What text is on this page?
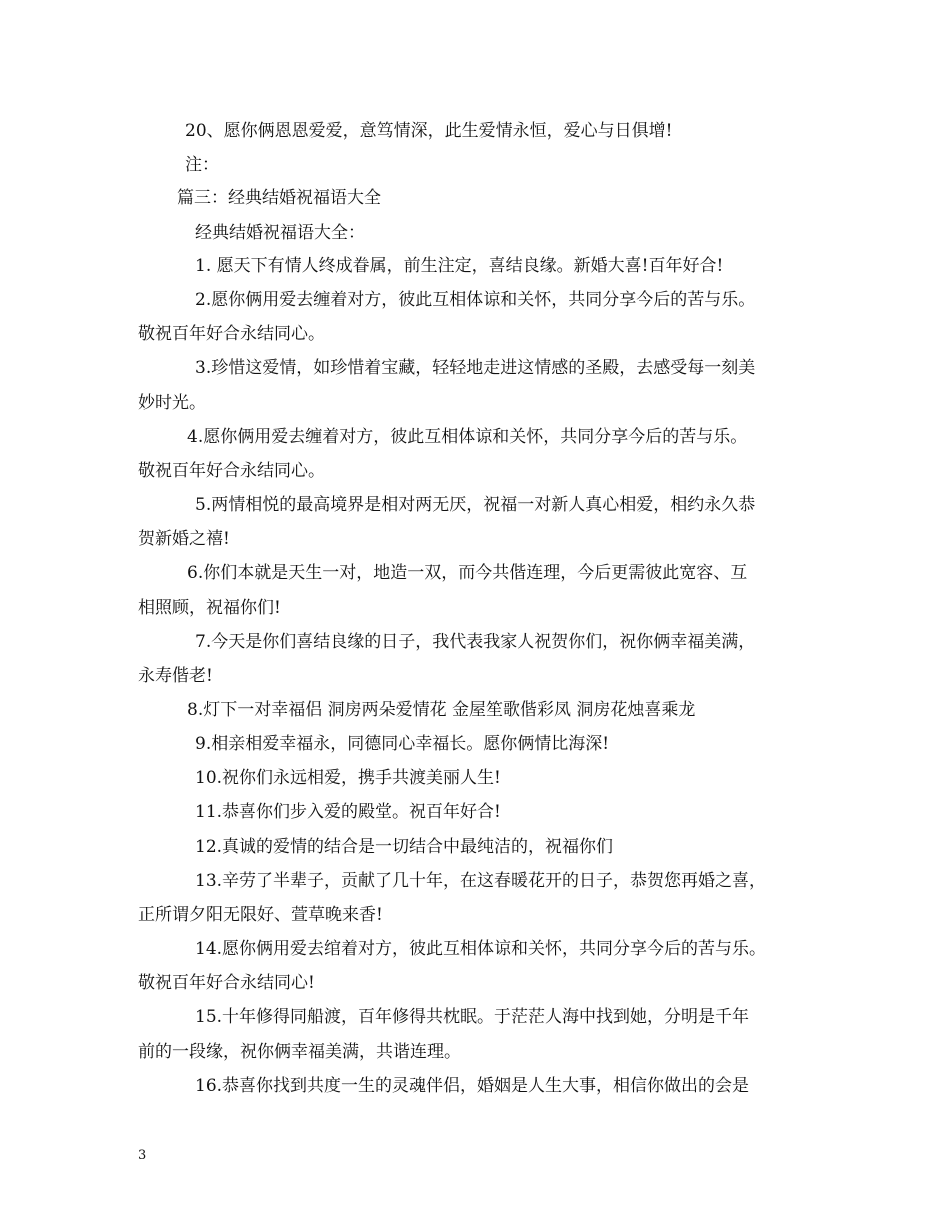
20、愿你俩恩恩爱爱，意笃情深，此生爱情永恒，爱心与日俱增!
注：
篇三：经典结婚祝福语大全
经典结婚祝福语大全：
1. 愿天下有情人终成眷属，前生注定，喜结良缘。新婚大喜!百年好合!
2.愿你俩用爱去缠着对方，彼此互相体谅和关怀，共同分享今后的苦与乐。
敬祝百年好合永结同心。
3.珍惜这爱情，如珍惜着宝藏，轻轻地走进这情感的圣殿，去感受每一刻美
妙时光。
4.愿你俩用爱去缠着对方，彼此互相体谅和关怀，共同分享今后的苦与乐。
敬祝百年好合永结同心。
5.两情相悦的最高境界是相对两无厌，祝福一对新人真心相爱，相约永久恭
贺新婚之禧!
6.你们本就是天生一对，地造一双，而今共偕连理，今后更需彼此宽容、互
相照顾，祝福你们!
7.今天是你们喜结良缘的日子，我代表我家人祝贺你们，祝你俩幸福美满，
永寿偕老!
8.灯下一对幸福侣 洞房两朵爱情花 金屋笙歌偕彩凤 洞房花烛喜乘龙
9.相亲相爱幸福永，同德同心幸福长。愿你俩情比海深!
10.祝你们永远相爱，携手共渡美丽人生!
11.恭喜你们步入爱的殿堂。祝百年好合!
12.真诚的爱情的结合是一切结合中最纯洁的，祝福你们
13.辛劳了半辈子，贡献了几十年，在这春暖花开的日子，恭贺您再婚之喜，
正所谓夕阳无限好、萱草晚来香!
14.愿你俩用爱去绾着对方，彼此互相体谅和关怀，共同分享今后的苦与乐。
敬祝百年好合永结同心!
15.十年修得同船渡，百年修得共枕眠。于茫茫人海中找到她，分明是千年
前的一段缘，祝你俩幸福美满，共谐连理。
16.恭喜你找到共度一生的灵魂伴侣，婚姻是人生大事，相信你做出的会是
3
